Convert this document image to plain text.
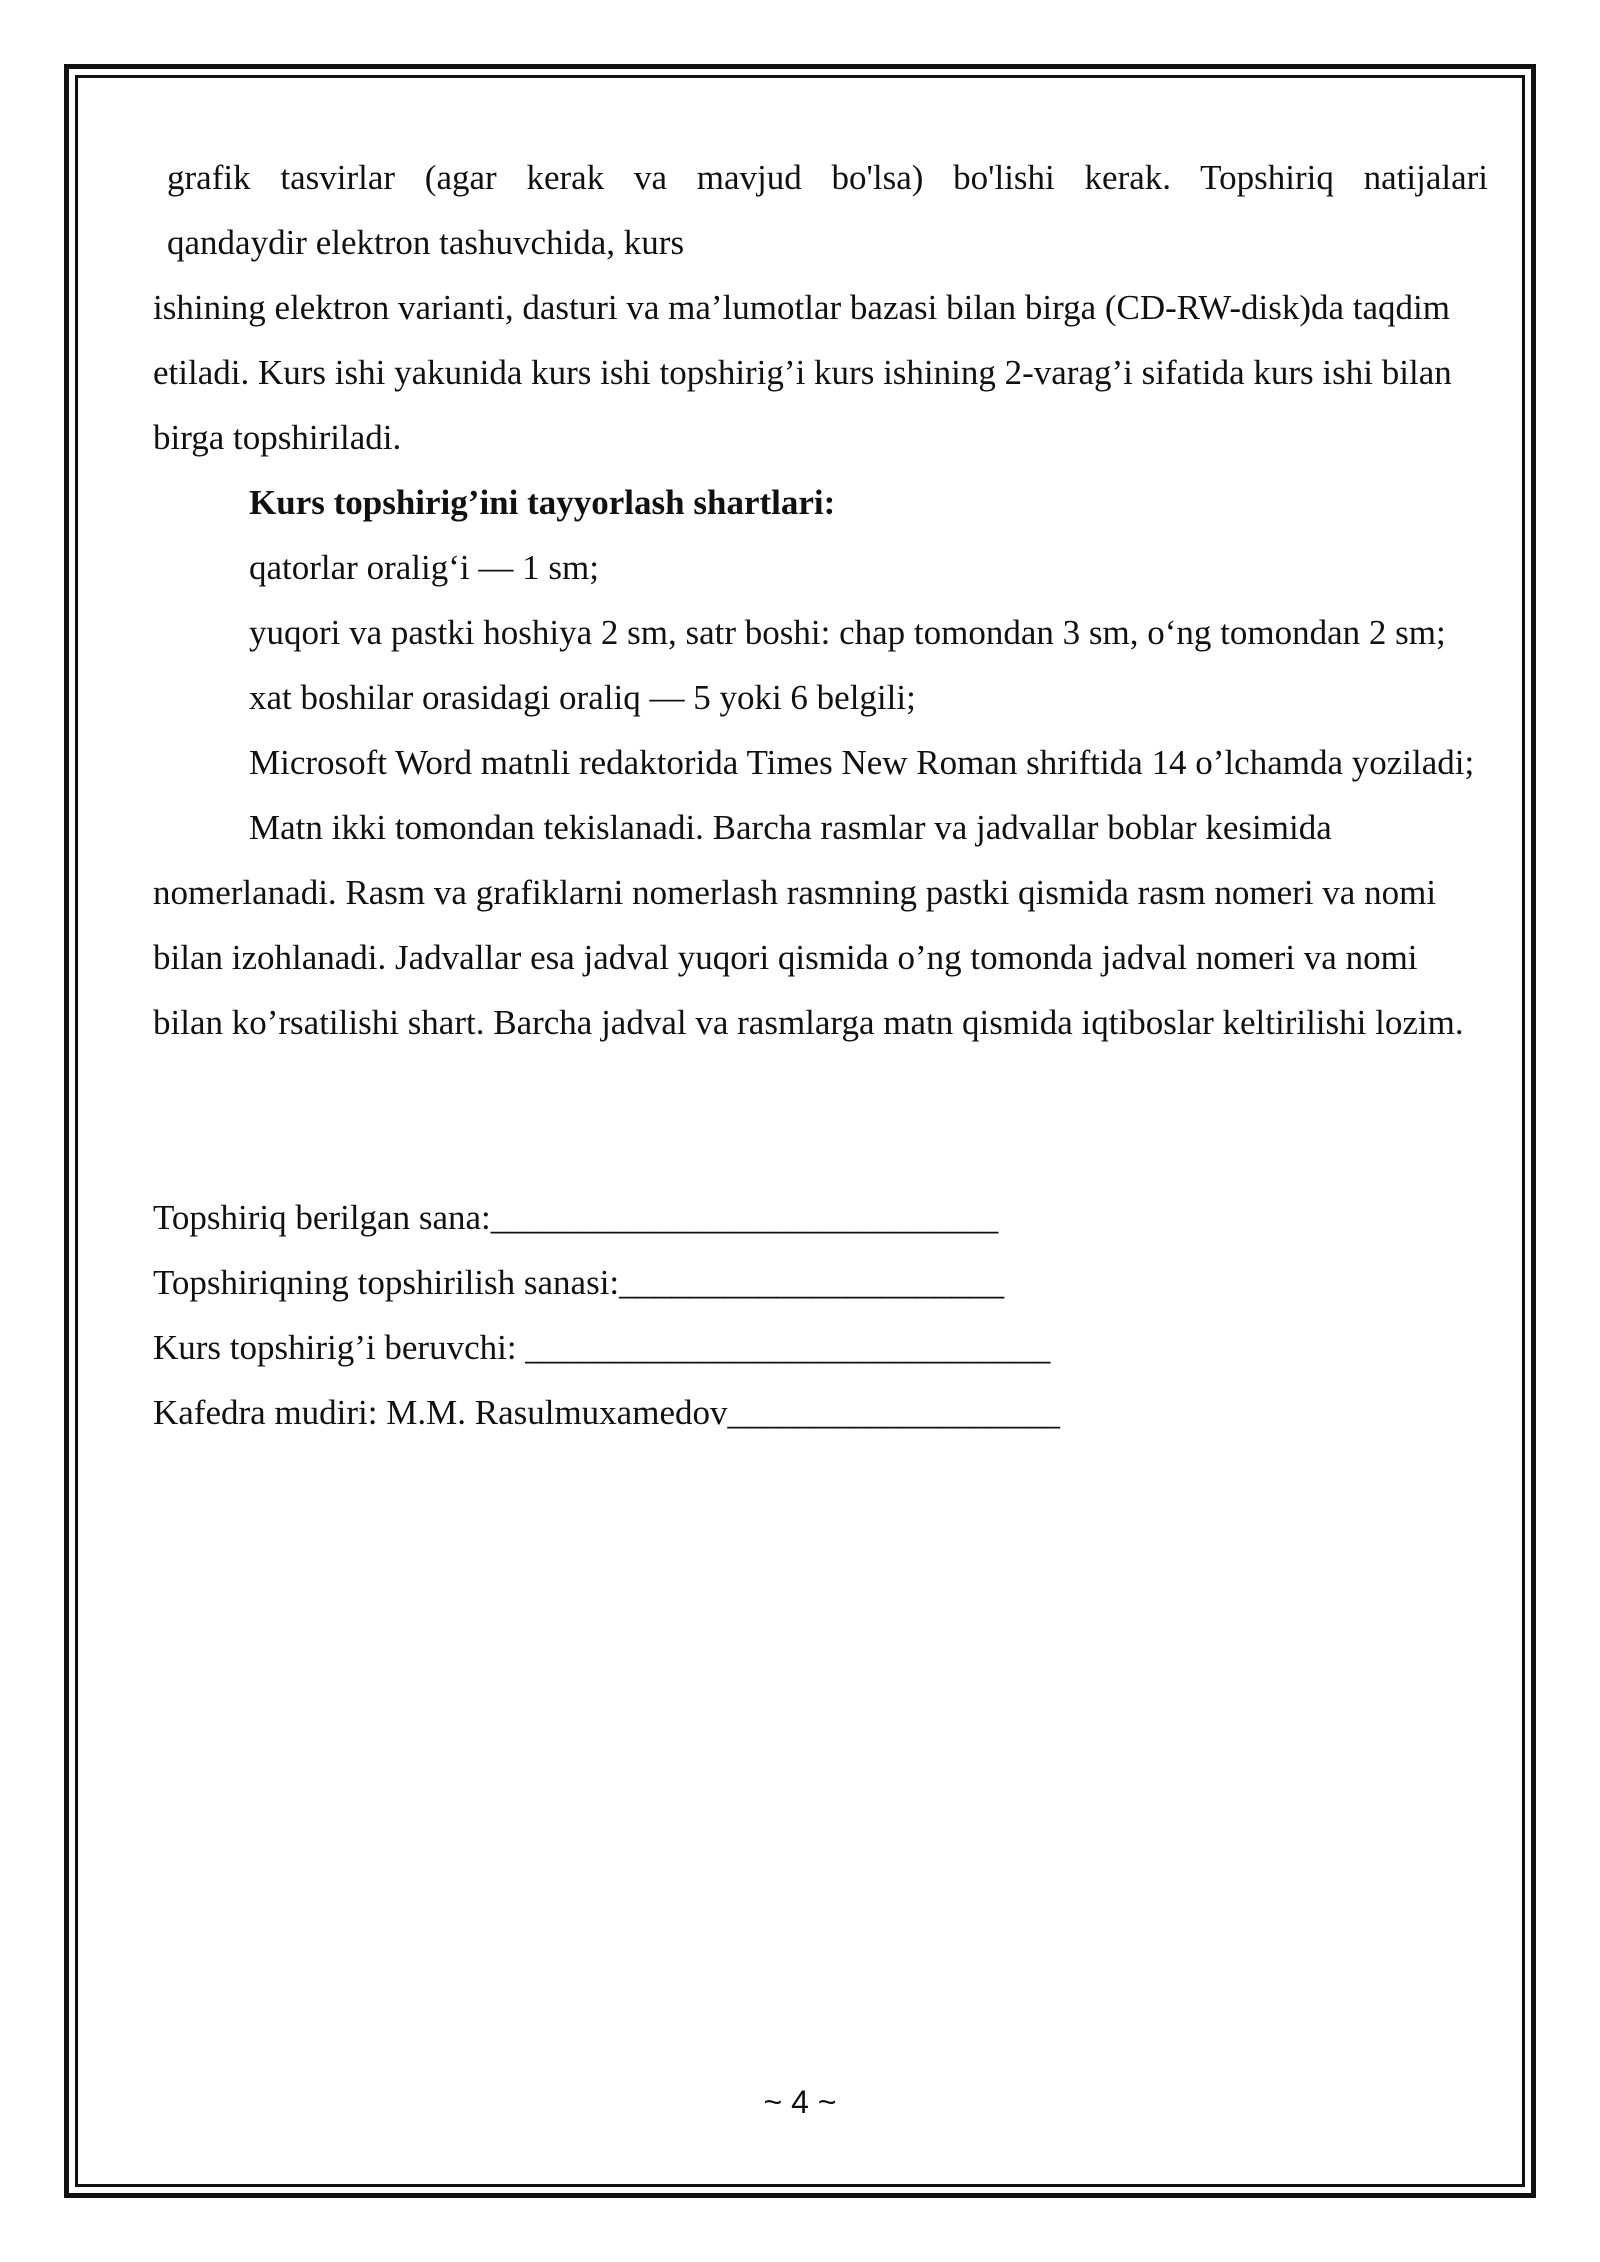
grafik tasvirlar (agar kerak va mavjud bo'lsa) bo'lishi kerak. Topshiriq natijalari
qandaydir elektron tashuvchida, kurs

ishining elektron varianti, dasturi va ma’lumotlar bazasi bilan birga (CD-RW-disk)da taqdim etiladi. Kurs ishi yakunida kurs ishi topshirig’i kurs ishining 2-varag’i sifatida kurs ishi bilan birga topshiriladi.

Kurs topshirig’ini tayyorlash shartlari:

qatorlar oralig‘i — 1 sm;

yuqori va pastki hoshiya 2 sm, satr boshi: chap tomondan 3 sm, o‘ng tomondan 2 sm;

xat boshilar orasidagi oraliq — 5 yoki 6 belgili;

Microsoft Word matnli redaktorida Times New Roman shriftida 14 o’lchamda yoziladi;

Matn ikki tomondan tekislanadi. Barcha rasmlar va jadvallar boblar kesimida nomerlanadi. Rasm va grafiklarni nomerlash rasmning pastki qismida rasm nomeri va nomi bilan izohlanadi. Jadvallar esa jadval yuqori qismida o’ng tomonda jadval nomeri va nomi bilan ko’rsatilishi shart. Barcha jadval va rasmlarga matn qismida iqtiboslar keltirilishi lozim.

Topshiriq berilgan sana:_____________________________

Topshiriqning topshirilish sanasi:______________________

Kurs topshirig’i beruvchi: ______________________________

Kafedra mudiri: M.M. Rasulmuxamedov___________________

~ 4 ~
